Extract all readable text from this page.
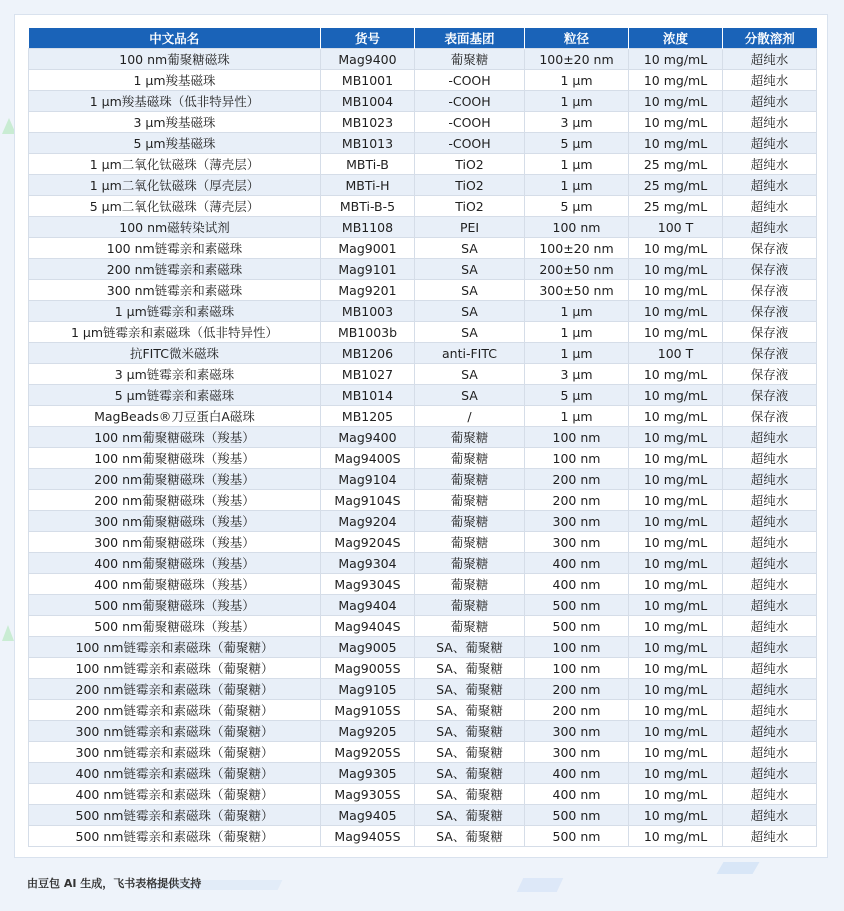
中文品名	货号	表面基团	粒径	浓度	分散溶剂
100 nm葡聚糖磁珠	Mag9400	葡聚糖	100±20 nm	10 mg/mL	超纯水
1 μm羧基磁珠	MB1001	-COOH	1 μm	10 mg/mL	超纯水
1 μm羧基磁珠（低非特异性）	MB1004	-COOH	1 μm	10 mg/mL	超纯水
3 μm羧基磁珠	MB1023	-COOH	3 μm	10 mg/mL	超纯水
5 μm羧基磁珠	MB1013	-COOH	5 μm	10 mg/mL	超纯水
1 μm二氧化钛磁珠（薄壳层）	MBTi-B	TiO2	1 μm	25 mg/mL	超纯水
1 μm二氧化钛磁珠（厚壳层）	MBTi-H	TiO2	1 μm	25 mg/mL	超纯水
5 μm二氧化钛磁珠（薄壳层）	MBTi-B-5	TiO2	5 μm	25 mg/mL	超纯水
100 nm磁转染试剂	MB1108	PEI	100 nm	100 T	超纯水
100 nm链霉亲和素磁珠	Mag9001	SA	100±20 nm	10 mg/mL	保存液
200 nm链霉亲和素磁珠	Mag9101	SA	200±50 nm	10 mg/mL	保存液
300 nm链霉亲和素磁珠	Mag9201	SA	300±50 nm	10 mg/mL	保存液
1 μm链霉亲和素磁珠	MB1003	SA	1 μm	10 mg/mL	保存液
1 μm链霉亲和素磁珠（低非特异性）	MB1003b	SA	1 μm	10 mg/mL	保存液
抗FITC微米磁珠	MB1206	anti-FITC	1 μm	100 T	保存液
3 μm链霉亲和素磁珠	MB1027	SA	3 μm	10 mg/mL	保存液
5 μm链霉亲和素磁珠	MB1014	SA	5 μm	10 mg/mL	保存液
MagBeads®刀豆蛋白A磁珠	MB1205	/	1 μm	10 mg/mL	保存液
100 nm葡聚糖磁珠（羧基）	Mag9400	葡聚糖	100 nm	10 mg/mL	超纯水
100 nm葡聚糖磁珠（羧基）	Mag9400S	葡聚糖	100 nm	10 mg/mL	超纯水
200 nm葡聚糖磁珠（羧基）	Mag9104	葡聚糖	200 nm	10 mg/mL	超纯水
200 nm葡聚糖磁珠（羧基）	Mag9104S	葡聚糖	200 nm	10 mg/mL	超纯水
300 nm葡聚糖磁珠（羧基）	Mag9204	葡聚糖	300 nm	10 mg/mL	超纯水
300 nm葡聚糖磁珠（羧基）	Mag9204S	葡聚糖	300 nm	10 mg/mL	超纯水
400 nm葡聚糖磁珠（羧基）	Mag9304	葡聚糖	400 nm	10 mg/mL	超纯水
400 nm葡聚糖磁珠（羧基）	Mag9304S	葡聚糖	400 nm	10 mg/mL	超纯水
500 nm葡聚糖磁珠（羧基）	Mag9404	葡聚糖	500 nm	10 mg/mL	超纯水
500 nm葡聚糖磁珠（羧基）	Mag9404S	葡聚糖	500 nm	10 mg/mL	超纯水
100 nm链霉亲和素磁珠（葡聚糖）	Mag9005	SA、葡聚糖	100 nm	10 mg/mL	超纯水
100 nm链霉亲和素磁珠（葡聚糖）	Mag9005S	SA、葡聚糖	100 nm	10 mg/mL	超纯水
200 nm链霉亲和素磁珠（葡聚糖）	Mag9105	SA、葡聚糖	200 nm	10 mg/mL	超纯水
200 nm链霉亲和素磁珠（葡聚糖）	Mag9105S	SA、葡聚糖	200 nm	10 mg/mL	超纯水
300 nm链霉亲和素磁珠（葡聚糖）	Mag9205	SA、葡聚糖	300 nm	10 mg/mL	超纯水
300 nm链霉亲和素磁珠（葡聚糖）	Mag9205S	SA、葡聚糖	300 nm	10 mg/mL	超纯水
400 nm链霉亲和素磁珠（葡聚糖）	Mag9305	SA、葡聚糖	400 nm	10 mg/mL	超纯水
400 nm链霉亲和素磁珠（葡聚糖）	Mag9305S	SA、葡聚糖	400 nm	10 mg/mL	超纯水
500 nm链霉亲和素磁珠（葡聚糖）	Mag9405	SA、葡聚糖	500 nm	10 mg/mL	超纯水
500 nm链霉亲和素磁珠（葡聚糖）	Mag9405S	SA、葡聚糖	500 nm	10 mg/mL	超纯水
由豆包 AI 生成，飞书表格提供支持
